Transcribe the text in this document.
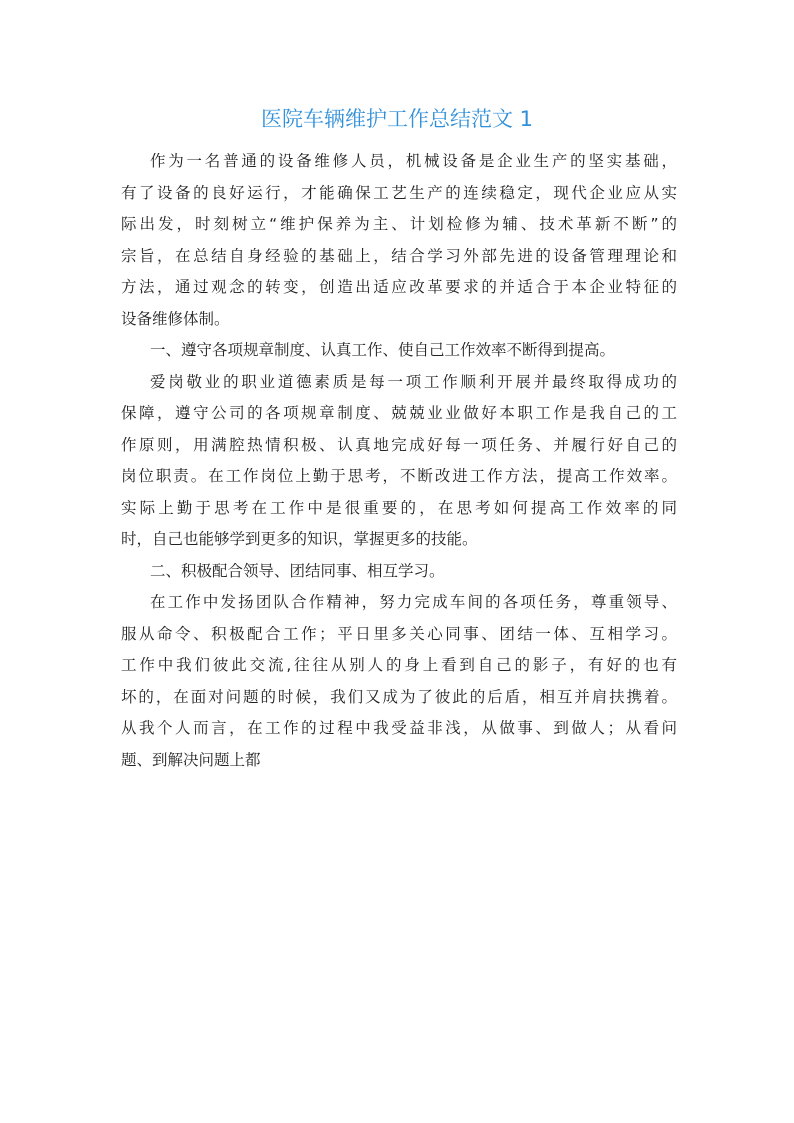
医院车辆维护工作总结范文 1
作为一名普通的设备维修人员，机械设备是企业生产的坚实基础，
有了设备的良好运行，才能确保工艺生产的连续稳定，现代企业应从实
际出发，时刻树立“维护保养为主、计划检修为辅、技术革新不断”的
宗旨，在总结自身经验的基础上，结合学习外部先进的设备管理理论和
方法，通过观念的转变，创造出适应改革要求的并适合于本企业特征的
设备维修体制。
一、遵守各项规章制度、认真工作、使自己工作效率不断得到提高。
爱岗敬业的职业道德素质是每一项工作顺利开展并最终取得成功的
保障，遵守公司的各项规章制度、兢兢业业做好本职工作是我自己的工
作原则，用满腔热情积极、认真地完成好每一项任务、并履行好自己的
岗位职责。在工作岗位上勤于思考，不断改进工作方法，提高工作效率。
实际上勤于思考在工作中是很重要的，在思考如何提高工作效率的同
时，自己也能够学到更多的知识，掌握更多的技能。
二、积极配合领导、团结同事、相互学习。
在工作中发扬团队合作精神，努力完成车间的各项任务，尊重领导、
服从命令、积极配合工作；平日里多关心同事、团结一体、互相学习。
工作中我们彼此交流,往往从别人的身上看到自己的影子，有好的也有
坏的，在面对问题的时候，我们又成为了彼此的后盾，相互并肩扶携着。
从我个人而言，在工作的过程中我受益非浅，从做事、到做人；从看问
题、到解决问题上都
